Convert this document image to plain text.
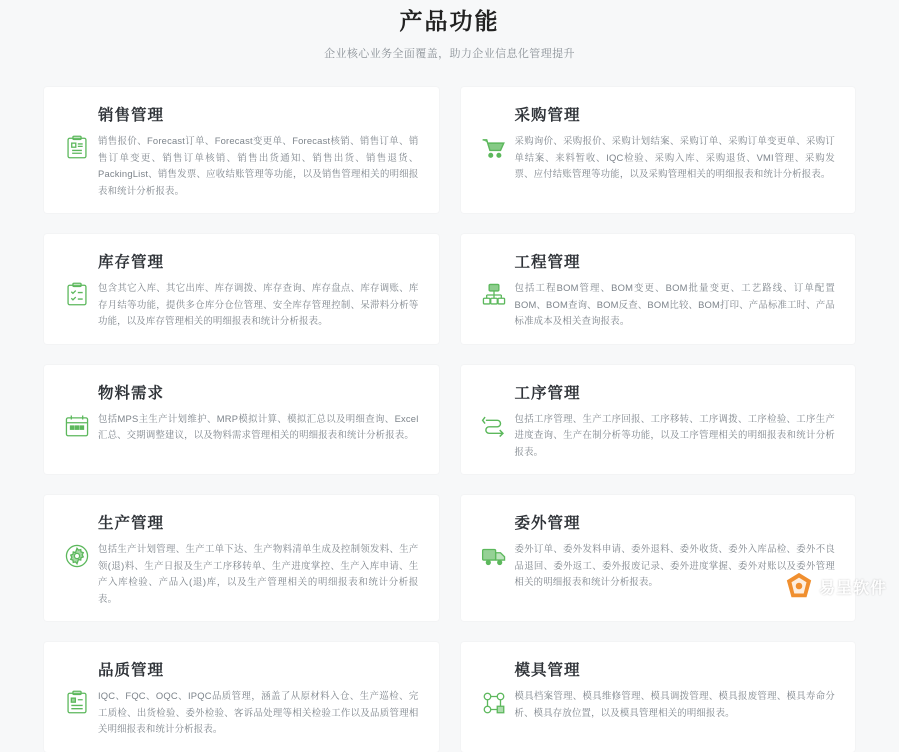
产品功能

企业核心业务全面覆盖，助力企业信息化管理提升

销售管理
销售报价、Forecast订单、Forecast变更单、Forecast核销、销售订单、销售订单变更、销售订单核销、销售出货通知、销售出货、销售退货、PackingList、销售发票、应收结账管理等功能，以及销售管理相关的明细报表和统计分析报表。
采购管理
采购询价、采购报价、采购计划结案、采购订单、采购订单变更单、采购订单结案、来料暂收、IQC检验、采购入库、采购退货、VMI管理、采购发票、应付结账管理等功能，以及采购管理相关的明细报表和统计分析报表。
库存管理
包含其它入库、其它出库、库存调拨、库存查询、库存盘点、库存调账、库存月结等功能，提供多仓库分仓位管理、安全库存管理控制、呆滞料分析等功能，以及库存管理相关的明细报表和统计分析报表。
工程管理
包括工程BOM管理、BOM变更、BOM批量变更、工艺路线、订单配置BOM、BOM查询、BOM反查、BOM比较、BOM打印、产品标准工时、产品标准成本及相关查询报表。
物料需求
包括MPS主生产计划维护、MRP模拟计算、模拟汇总以及明细查询、Excel汇总、交期调整建议，以及物料需求管理相关的明细报表和统计分析报表。
工序管理
包括工序管理、生产工序回报、工序移转、工序调拨、工序检验、工序生产进度查询、生产在制分析等功能，以及工序管理相关的明细报表和统计分析报表。
生产管理
包括生产计划管理、生产工单下达、生产物料清单生成及控制领发料、生产领(退)料、生产日报及生产工序移转单、生产进度掌控、生产入库申请、生产入库检验、产品入(退)库，以及生产管理相关的明细报表和统计分析报表。
委外管理
委外订单、委外发料申请、委外退料、委外收货、委外入库品检、委外不良品退回、委外返工、委外报废记录、委外进度掌握、委外对账以及委外管理相关的明细报表和统计分析报表。
品质管理
IQC、FQC、OQC、IPQC品质管理，涵盖了从原材料入仓、生产巡检、完工质检、出货检验、委外检验、客诉品处理等相关检验工作以及品质管理相关明细报表和统计分析报表。
模具管理
模具档案管理、模具维修管理、模具调拨管理、模具报废管理、模具寿命分析、模具存放位置，以及模具管理相关的明细报表。
易呈软件
